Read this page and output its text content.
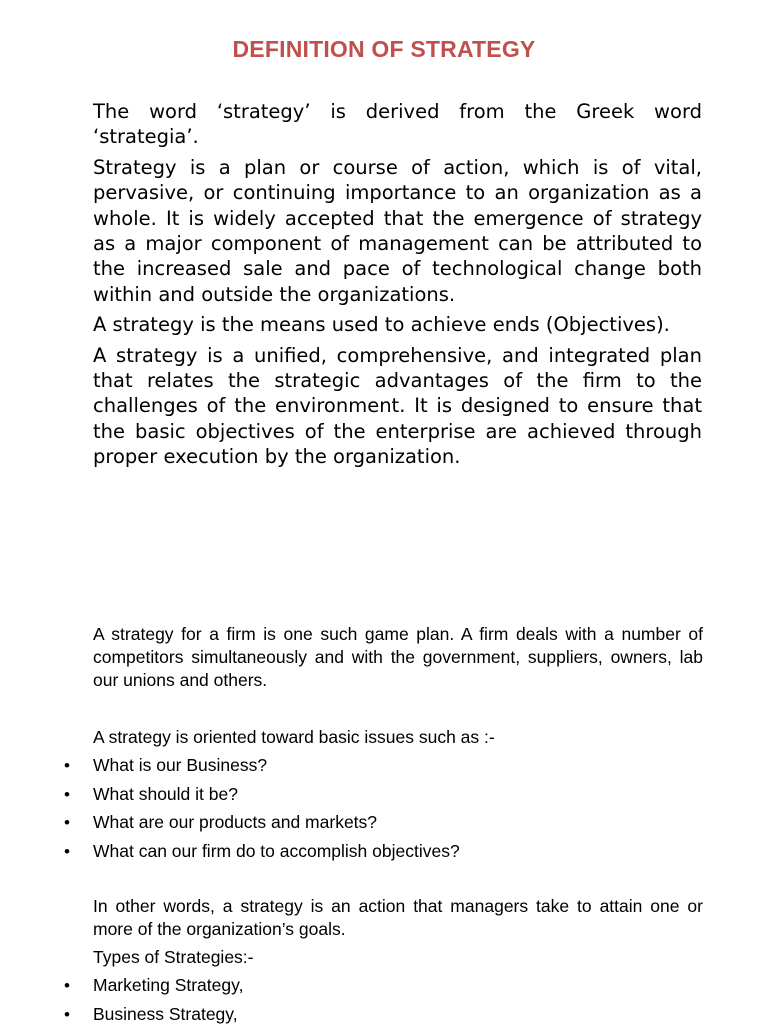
DEFINITION OF STRATEGY

The word ‘strategy’ is derived from the Greek word ‘strategia’.

Strategy is a plan or course of action, which is of vital, pervasive, or continuing importance to an organization as a whole. It is widely accepted that the emergence of strategy as a major component of management can be attributed to the increased sale and pace of technological change both within and outside the organizations.

A strategy is the means used to achieve ends (Objectives).

A strategy is a unified, comprehensive, and integrated plan that relates the strategic advantages of the firm to the challenges of the environment. It is designed to ensure that the basic objectives of the enterprise are achieved through proper execution by the organization.

A strategy for a firm is one such game plan. A firm deals with a number of competitors simultaneously and with the government, suppliers, owners, lab our unions and others.

A strategy is oriented toward basic issues such as :-

• What is our Business?
• What should it be?
• What are our products and markets?
• What can our firm do to accomplish objectives?

In other words, a strategy is an action that managers take to attain one or more of the organization’s goals.

Types of Strategies:-

• Marketing Strategy,
• Business Strategy,
